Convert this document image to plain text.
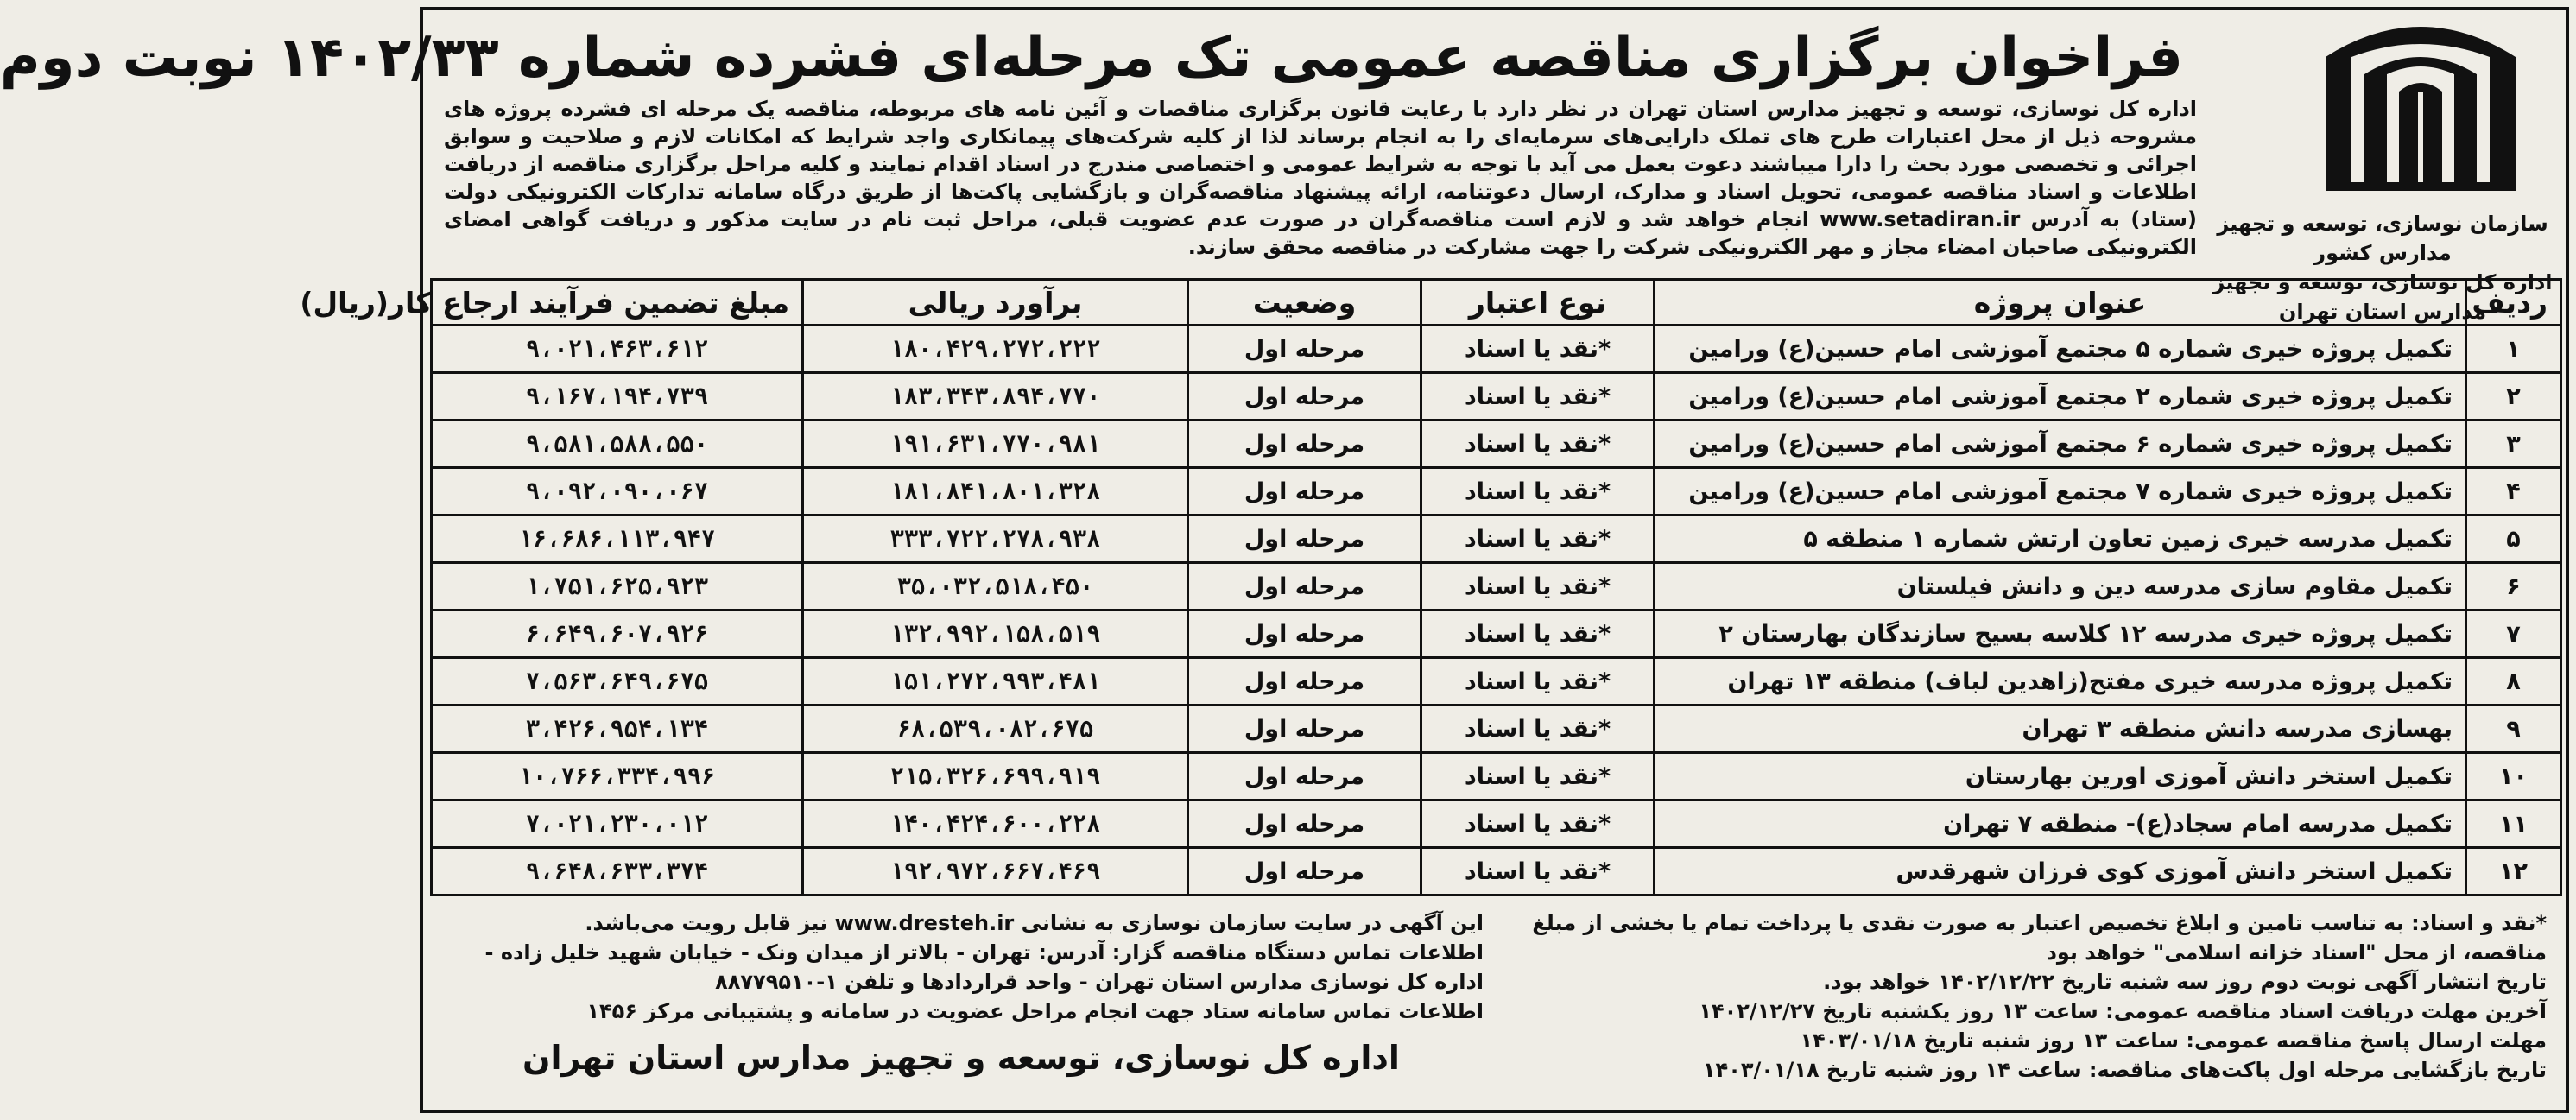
سازمان نوسازی، توسعه و تجهیز مدارس کشور
اداره کل نوسازی، توسعه و تجهیز مدارس استان تهران
فراخوان برگزاری مناقصه عمومی تک مرحله‌ای فشرده شماره ۱۴۰۲/۳۳ نوبت دوم
اداره کل نوسازی، توسعه و تجهیز مدارس استان تهران در نظر دارد با رعایت قانون برگزاری مناقصات و آئین نامه های مربوطه، مناقصه یک مرحله ای فشرده پروژه های مشروحه ذیل از محل اعتبارات طرح های تملک دارایی‌های سرمایه‌ای را به انجام برساند لذا از کلیه شرکت‌های پیمانکاری واجد شرایط که امکانات لازم و صلاحیت و سوابق اجرائی و تخصصی مورد بحث را دارا میباشند دعوت بعمل می آید با توجه به شرایط عمومی و اختصاصی مندرج در اسناد اقدام نمایند و کلیه مراحل برگزاری مناقصه از دریافت اطلاعات و اسناد مناقصه عمومی، تحویل اسناد و مدارک، ارسال دعوتنامه، ارائه پیشنهاد مناقصه‌گران و بازگشایی پاکت‌ها از طریق درگاه سامانه تدارکات الکترونیکی دولت (ستاد) به آدرس www.setadiran.ir انجام خواهد شد و لازم است مناقصه‌گران در صورت عدم عضویت قبلی، مراحل ثبت نام در سایت مذکور و دریافت گواهی امضای الکترونیکی صاحبان امضاء مجاز و مهر الکترونیکی شرکت را جهت مشارکت در مناقصه محقق سازند.
ردیف	عنوان پروژه	نوع اعتبار	وضعیت	برآورد ریالی	مبلغ تضمین فرآیند ارجاع کار(ریال)
۱	تکمیل پروژه خیری شماره ۵ مجتمع آموزشی امام حسین(ع) ورامین	*نقد یا اسناد	مرحله اول	۱۸۰،۴۲۹،۲۷۲،۲۲۲	۹،۰۲۱،۴۶۳،۶۱۲
۲	تکمیل پروژه خیری شماره ۲ مجتمع آموزشی امام حسین(ع) ورامین	*نقد یا اسناد	مرحله اول	۱۸۳،۳۴۳،۸۹۴،۷۷۰	۹،۱۶۷،۱۹۴،۷۳۹
۳	تکمیل پروژه خیری شماره ۶ مجتمع آموزشی امام حسین(ع) ورامین	*نقد یا اسناد	مرحله اول	۱۹۱،۶۳۱،۷۷۰،۹۸۱	۹،۵۸۱،۵۸۸،۵۵۰
۴	تکمیل پروژه خیری شماره ۷ مجتمع آموزشی امام حسین(ع) ورامین	*نقد یا اسناد	مرحله اول	۱۸۱،۸۴۱،۸۰۱،۳۲۸	۹،۰۹۲،۰۹۰،۰۶۷
۵	تکمیل مدرسه خیری زمین تعاون ارتش شماره ۱ منطقه ۵	*نقد یا اسناد	مرحله اول	۳۳۳،۷۲۲،۲۷۸،۹۳۸	۱۶،۶۸۶،۱۱۳،۹۴۷
۶	تکمیل مقاوم سازی مدرسه دین و دانش فیلستان	*نقد یا اسناد	مرحله اول	۳۵،۰۳۲،۵۱۸،۴۵۰	۱،۷۵۱،۶۲۵،۹۲۳
۷	تکمیل پروژه خیری مدرسه ۱۲ کلاسه بسیج سازندگان بهارستان ۲	*نقد یا اسناد	مرحله اول	۱۳۲،۹۹۲،۱۵۸،۵۱۹	۶،۶۴۹،۶۰۷،۹۲۶
۸	تکمیل پروژه مدرسه خیری مفتح(زاهدین لباف) منطقه ۱۳ تهران	*نقد یا اسناد	مرحله اول	۱۵۱،۲۷۲،۹۹۳،۴۸۱	۷،۵۶۳،۶۴۹،۶۷۵
۹	بهسازی مدرسه دانش منطقه ۳ تهران	*نقد یا اسناد	مرحله اول	۶۸،۵۳۹،۰۸۲،۶۷۵	۳،۴۲۶،۹۵۴،۱۳۴
۱۰	تکمیل استخر دانش آموزی اورین بهارستان	*نقد یا اسناد	مرحله اول	۲۱۵،۳۲۶،۶۹۹،۹۱۹	۱۰،۷۶۶،۳۳۴،۹۹۶
۱۱	تکمیل مدرسه امام سجاد(ع)- منطقه ۷ تهران	*نقد یا اسناد	مرحله اول	۱۴۰،۴۲۴،۶۰۰،۲۲۸	۷،۰۲۱،۲۳۰،۰۱۲
۱۲	تکمیل استخر دانش آموزی کوی فرزان شهرقدس	*نقد یا اسناد	مرحله اول	۱۹۲،۹۷۲،۶۶۷،۴۶۹	۹،۶۴۸،۶۳۳،۳۷۴
*نقد و اسناد: به تناسب تامین و ابلاغ تخصیص اعتبار به صورت نقدی یا پرداخت تمام یا بخشی از مبلغ مناقصه، از محل "اسناد خزانه اسلامی" خواهد بود
تاریخ انتشار آگهی نوبت دوم روز سه شنبه تاریخ ۱۴۰۲/۱۲/۲۲ خواهد بود.
آخرین مهلت دریافت اسناد مناقصه عمومی: ساعت ۱۳ روز یکشنبه تاریخ ۱۴۰۲/۱۲/۲۷
مهلت ارسال پاسخ مناقصه عمومی: ساعت ۱۳ روز شنبه تاریخ ۱۴۰۳/۰۱/۱۸
تاریخ بازگشایی مرحله اول پاکت‌های مناقصه: ساعت ۱۴ روز شنبه تاریخ ۱۴۰۳/۰۱/۱۸
این آگهی در سایت سازمان نوسازی به نشانی www.dresteh.ir نیز قابل رویت می‌باشد.
اطلاعات تماس دستگاه مناقصه گزار: آدرس: تهران - بالاتر از میدان ونک - خیابان شهید خلیل زاده - اداره کل نوسازی مدارس استان تهران - واحد قراردادها و تلفن ۱-۸۸۷۷۹۵۱۰
اطلاعات تماس سامانه ستاد جهت انجام مراحل عضویت در سامانه و پشتیبانی مرکز ۱۴۵۶
اداره کل نوسازی، توسعه و تجهیز مدارس استان تهران
